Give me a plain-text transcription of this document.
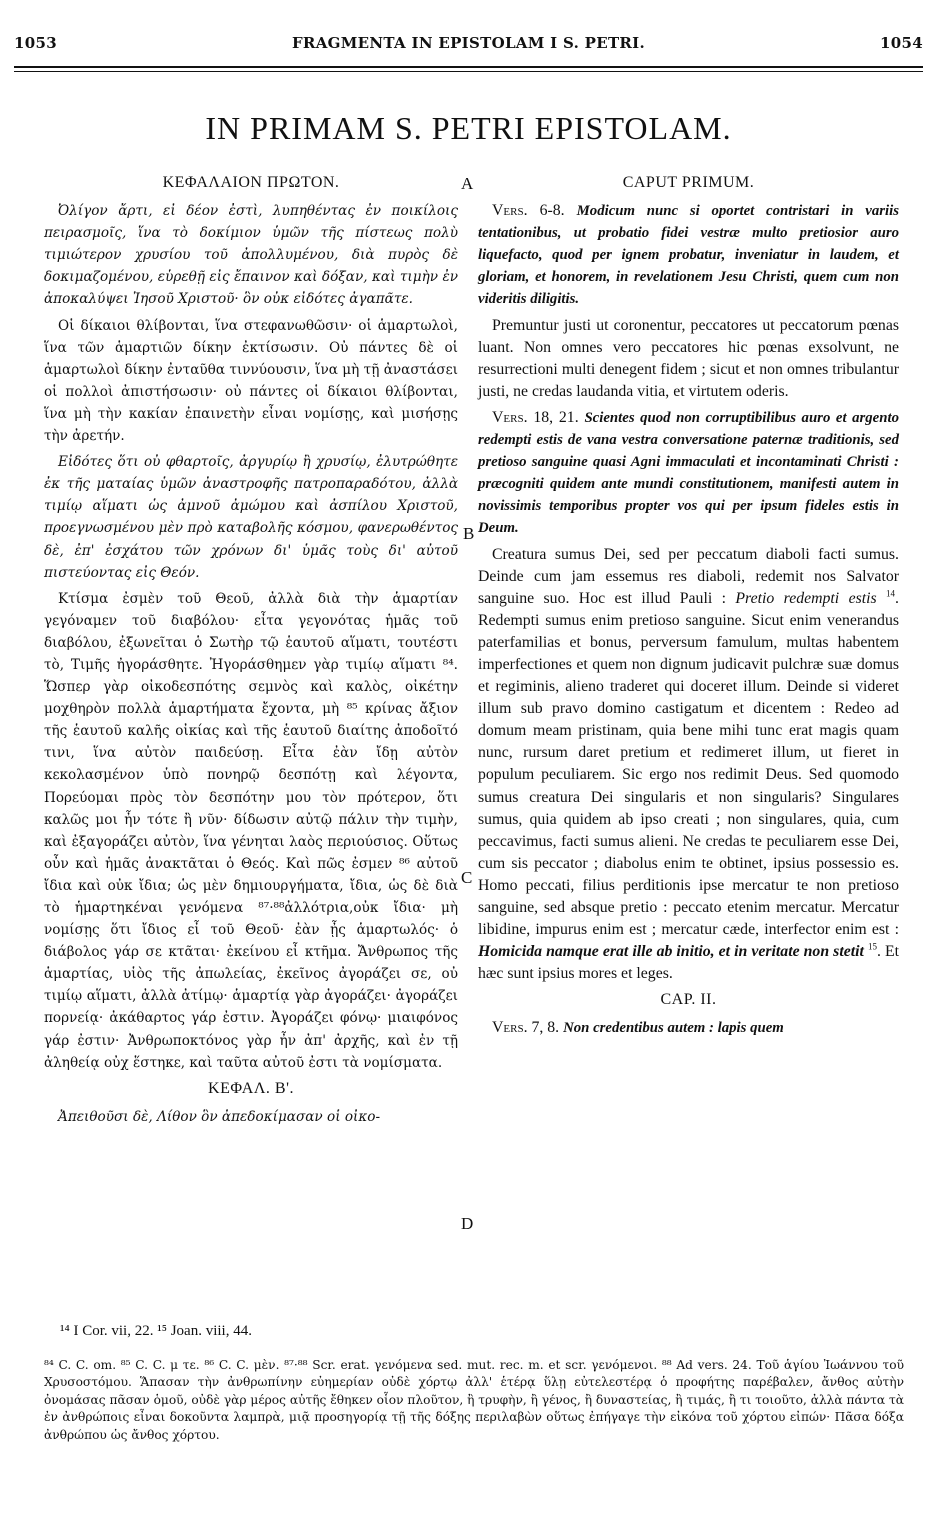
1053	FRAGMENTA IN EPISTOLAM I S. PETRI.	1054
IN PRIMAM S. PETRI EPISTOLAM.
A
B
C
D
ΚΕΦΑΛΑΙΟΝ ΠΡΩΤΟΝ.

Ὀλίγον ἄρτι, εἰ δέον ἐστὶ, λυπηθέντας ἐν ποικίλοις πειρασμοῖς, ἵνα τὸ δοκίμιον ὑμῶν τῆς πίστεως πολὺ τιμιώτερον χρυσίου τοῦ ἀπολλυμένου, διὰ πυρὸς δὲ δοκιμαζομένου, εὑρεθῇ εἰς ἔπαινον καὶ δόξαν, καὶ τιμὴν ἐν ἀποκαλύψει Ἰησοῦ Χριστοῦ· ὃν οὐκ εἰδότες ἀγαπᾶτε.

Οἱ δίκαιοι θλίβονται, ἵνα στεφανωθῶσιν· οἱ ἁμαρτωλοὶ, ἵνα τῶν ἁμαρτιῶν δίκην ἐκτίσωσιν. Οὐ πάντες δὲ οἱ ἁμαρτωλοὶ δίκην ἐνταῦθα τιννύουσιν, ἵνα μὴ τῇ ἀναστάσει οἱ πολλοὶ ἀπιστήσωσιν· οὐ πάντες οἱ δίκαιοι θλίβονται, ἵνα μὴ τὴν κακίαν ἐπαινετὴν εἶναι νομίσῃς, καὶ μισήσῃς τὴν ἀρετήν.

Εἰδότες ὅτι οὐ φθαρτοῖς, ἀργυρίῳ ἢ χρυσίῳ, ἐλυτρώθητε ἐκ τῆς ματαίας ὑμῶν ἀναστροφῆς πατροπαραδότου, ἀλλὰ τιμίῳ αἵματι ὡς ἀμνοῦ ἀμώμου καὶ ἀσπίλου Χριστοῦ, προεγνωσμένου μὲν πρὸ καταβολῆς κόσμου, φανερωθέντος δὲ, ἐπ' ἐσχάτου τῶν χρόνων δι' ὑμᾶς τοὺς δι' αὐτοῦ πιστεύοντας εἰς Θεόν.

Κτίσμα ἐσμὲν τοῦ Θεοῦ, ἀλλὰ διὰ τὴν ἁμαρτίαν γεγόναμεν τοῦ διαβόλου· εἶτα γεγονότας ἡμᾶς τοῦ διαβόλου, ἐξωνεῖται ὁ Σωτὴρ τῷ ἑαυτοῦ αἵματι, τουτέστι τὸ, Τιμῆς ἠγοράσθητε. Ἠγοράσθημεν γὰρ τιμίῳ αἵματι ⁸⁴. Ὥσπερ γὰρ οἰκοδεσπότης σεμνὸς καὶ καλὸς, οἰκέτην μοχθηρὸν πολλὰ ἁμαρτήματα ἔχοντα, μὴ ⁸⁵ κρίνας ἄξιον τῆς ἑαυτοῦ καλῆς οἰκίας καὶ τῆς ἑαυτοῦ διαίτης ἀποδοῖτό τινι, ἵνα αὐτὸν παιδεύσῃ. Εἶτα ἐὰν ἴδῃ αὐτὸν κεκολασμένον ὑπὸ πονηρῷ δεσπότῃ καὶ λέγοντα, Πορεύομαι πρὸς τὸν δεσπότην μου τὸν πρότερον, ὅτι καλῶς μοι ἦν τότε ἢ νῦν· δίδωσιν αὐτῷ πάλιν τὴν τιμὴν, καὶ ἐξαγοράζει αὐτὸν, ἵνα γένηται λαὸς περιούσιος. Οὕτως οὖν καὶ ἡμᾶς ἀνακτᾶται ὁ Θεός. Καὶ πῶς ἐσμεν ⁸⁶ αὐτοῦ ἴδια καὶ οὐκ ἴδια; ὡς μὲν δημιουργήματα, ἴδια, ὡς δὲ διὰ τὸ ἡμαρτηκέναι γενόμενα ⁸⁷·⁸⁸ἀλλότρια,οὐκ ἴδια· μὴ νομίσῃς ὅτι ἴδιος εἶ τοῦ Θεοῦ· ἐὰν ᾖς ἁμαρτωλός· ὁ διάβολος γάρ σε κτᾶται· ἐκείνου εἶ κτῆμα. Ἄνθρωπος τῆς ἁμαρτίας, υἱὸς τῆς ἀπωλείας, ἐκεῖνος ἀγοράζει σε, οὐ τιμίῳ αἵματι, ἀλλὰ ἀτίμῳ· ἁμαρτίᾳ γὰρ ἀγοράζει· ἀγοράζει πορνείᾳ· ἀκάθαρτος γάρ ἐστιν. Ἀγοράζει φόνῳ· μιαιφόνος γάρ ἐστιν· Ἀνθρωποκτόνος γὰρ ἦν ἀπ' ἀρχῆς, καὶ ἐν τῇ ἀληθείᾳ οὐχ ἕστηκε, καὶ ταῦτα αὐτοῦ ἐστι τὰ νομίσματα.

ΚΕΦΑΛ. Β'.

Ἀπειθοῦσι δὲ, Λίθον ὃν ἀπεδοκίμασαν οἱ οἰκο-

CAPUT PRIMUM.

Vers. 6-8. Modicum nunc si oportet contristari in variis tentationibus, ut probatio fidei vestræ multo pretiosior auro liquefacto, quod per ignem probatur, inveniatur in laudem, et gloriam, et honorem, in revelationem Jesu Christi, quem cum non videritis diligitis.

Premuntur justi ut coronentur, peccatores ut peccatorum pœnas luant. Non omnes vero peccatores hic pœnas exsolvunt, ne resurrectioni multi denegent fidem ; sicut et non omnes tribulantur justi, ne credas laudanda vitia, et virtutem oderis.

Vers. 18, 21. Scientes quod non corruptibilibus auro et argento redempti estis de vana vestra conversatione paternæ traditionis, sed pretioso sanguine quasi Agni immaculati et incontaminati Christi : præcogniti quidem ante mundi constitutionem, manifesti autem in novissimis temporibus propter vos qui per ipsum fideles estis in Deum.

Creatura sumus Dei, sed per peccatum diaboli facti sumus. Deinde cum jam essemus res diaboli, redemit nos Salvator sanguine suo. Hoc est illud Pauli : Pretio redempti estis $^{14}$. Redempti sumus enim pretioso sanguine. Sicut enim venerandus paterfamilias et bonus, perversum famulum, multas habentem imperfectiones et quem non dignum judicavit pulchræ suæ domus et regiminis, alieno traderet qui doceret illum. Deinde si videret illum sub pravo domino castigatum et dicentem : Redeo ad domum meam pristinam, quia bene mihi tunc erat magis quam nunc, rursum daret pretium et redimeret illum, ut fieret in populum peculiarem. Sic ergo nos redimit Deus. Sed quomodo sumus creatura Dei singularis et non singularis? Singulares sumus, quia quidem ab ipso creati ; non singulares, quia, cum peccavimus, facti sumus alieni. Ne credas te peculiarem esse Dei, cum sis peccator ; diabolus enim te obtinet, ipsius possessio es. Homo peccati, filius perditionis ipse mercatur te non pretioso sanguine, sed absque pretio : peccato etenim mercatur. Mercatur libidine, impurus enim est ; mercatur cæde, interfector enim est : Homicida namque erat ille ab initio, et in veritate non stetit $^{15}$. Et hæc sunt ipsius mores et leges.

CAP. II.

Vers. 7, 8. Non credentibus autem : lapis quem

¹⁴ I Cor. vii, 22. ¹⁵ Joan. viii, 44.
⁸⁴ C. C. om. ⁸⁵ C. C. μ τε. ⁸⁶ C. C. μὲν. ⁸⁷·⁸⁸ Scr. erat. γενόμενα sed. mut. rec. m. et scr. γενόμενοι. ⁸⁸ Ad vers. 24. Τοῦ ἁγίου Ἰωάννου τοῦ Χρυσοστόμου. Ἅπασαν τὴν ἀνθρωπίνην εὐημερίαν οὐδὲ χόρτῳ ἀλλ' ἑτέρᾳ ὕλῃ εὐτελεστέρᾳ ὁ προφήτης παρέβαλεν, ἄνθος αὐτὴν ὀνομάσας πᾶσαν ὁμοῦ, οὐδὲ γὰρ μέρος αὐτῆς ἔθηκεν οἷον πλοῦτον, ἢ τρυφὴν, ἢ γένος, ἢ δυναστείας, ἢ τιμάς, ἢ τι τοιοῦτο, ἀλλὰ πάντα τὰ ἐν ἀνθρώποις εἶναι δοκοῦντα λαμπρὰ, μιᾷ προσηγορίᾳ τῇ τῆς δόξης περιλαβὼν οὕτως ἐπήγαγε τὴν εἰκόνα τοῦ χόρτου εἰπών· Πᾶσα δόξα ἀνθρώπου ὡς ἄνθος χόρτου.
